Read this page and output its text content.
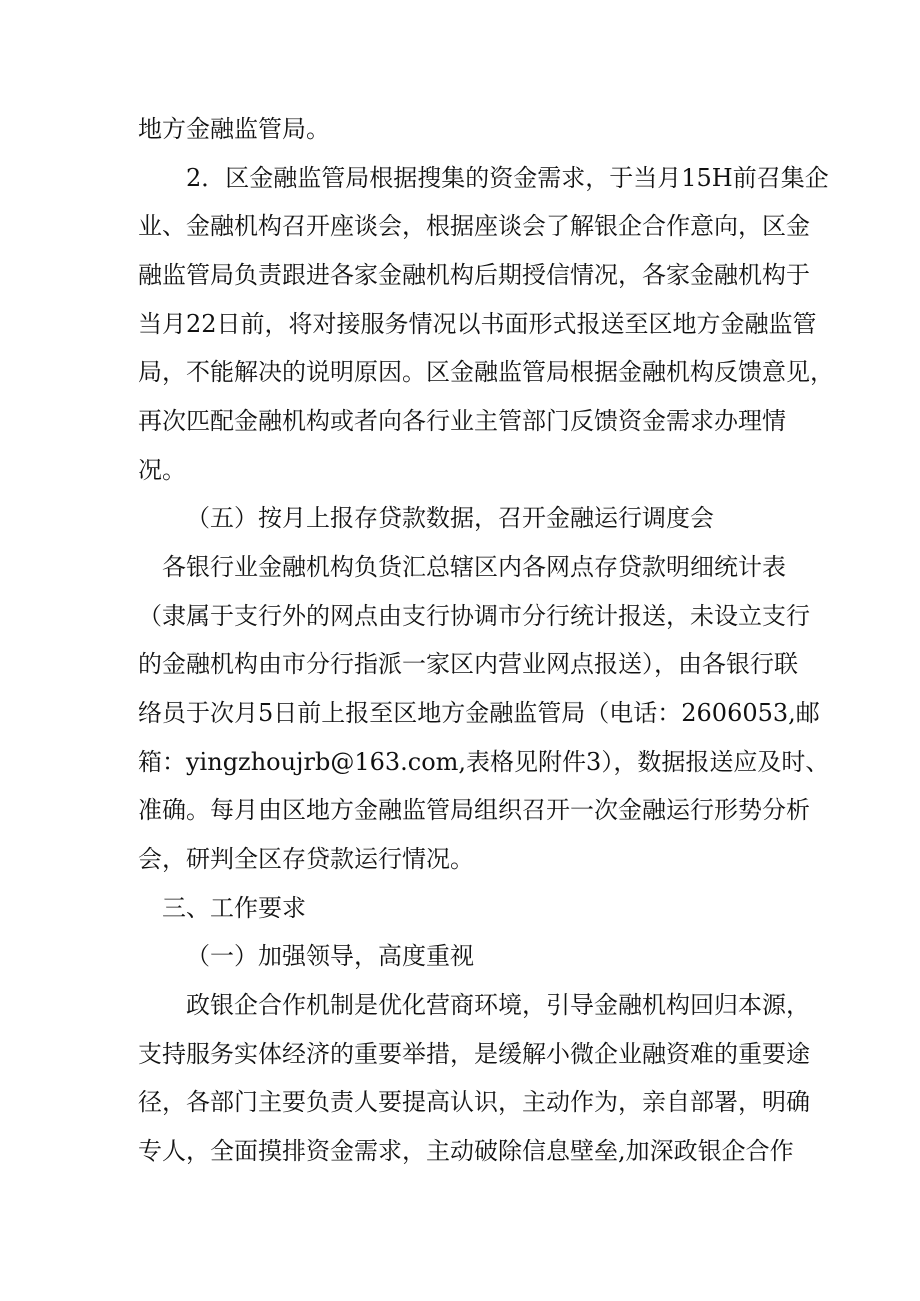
地方金融监管局。
2．区金融监管局根据搜集的资金需求，于当月15H前召集企
业、金融机构召开座谈会，根据座谈会了解银企合作意向，区金
融监管局负责跟进各家金融机构后期授信情况，各家金融机构于
当月22日前，将对接服务情况以书面形式报送至区地方金融监管
局，不能解决的说明原因。区金融监管局根据金融机构反馈意见，
再次匹配金融机构或者向各行业主管部门反馈资金需求办理情
况。
（五）按月上报存贷款数据，召开金融运行调度会
各银行业金融机构负货汇总辖区内各网点存贷款明细统计表
（隶属于支行外的网点由支行协调市分行统计报送，未设立支行
的金融机构由市分行指派一家区内营业网点报送），由各银行联
络员于次月5日前上报至区地方金融监管局（电话：2606053,邮
箱：yingzhoujrb@163.com,表格见附件3），数据报送应及时、
准确。每月由区地方金融监管局组织召开一次金融运行形势分析
会，研判全区存贷款运行情况。
三、工作要求
（一）加强领导，高度重视
政银企合作机制是优化营商环境，引导金融机构回归本源，
支持服务实体经济的重要举措，是缓解小微企业融资难的重要途
径，各部门主要负责人要提高认识，主动作为，亲自部署，明确
专人，全面摸排资金需求，主动破除信息壁垒,加深政银企合作
